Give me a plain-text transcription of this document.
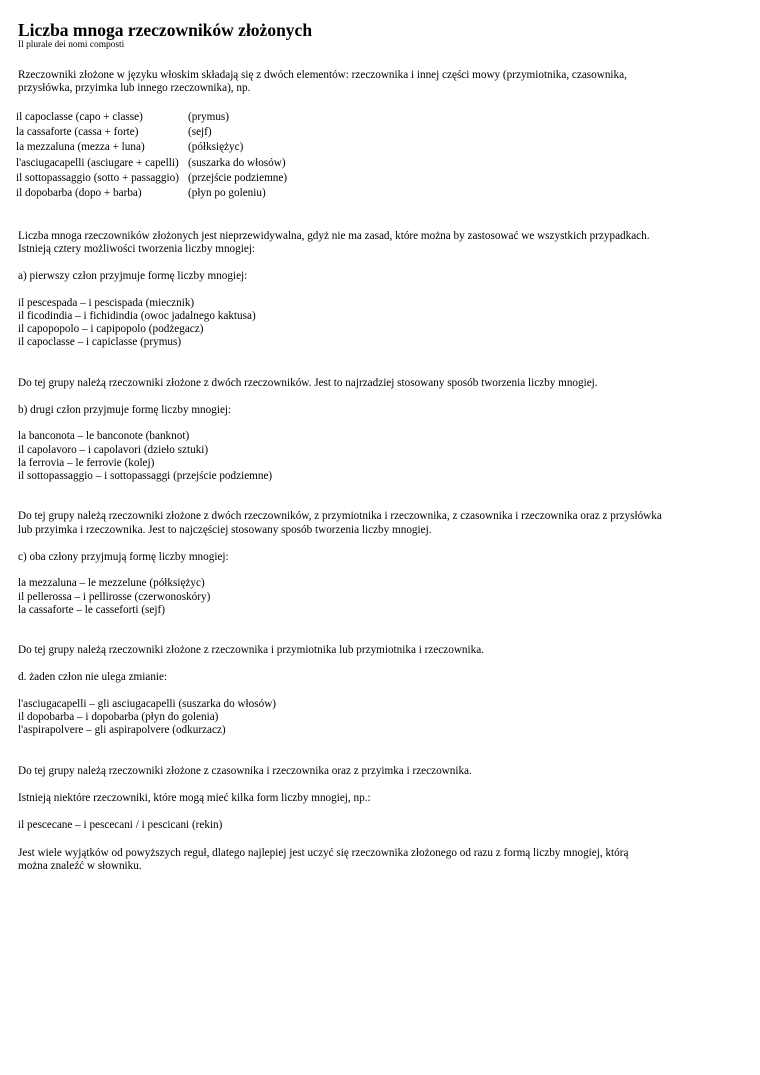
Liczba mnoga rzeczowników złożonych
Il plurale dei nomi composti

Rzeczowniki złożone w języku włoskim składają się z dwóch elementów: rzeczownika i innej części mowy (przymiotnika, czasownika, przysłówka, przyimka lub innego rzeczownika), np.

il capoclasse (capo + classe)	(prymus)
la cassaforte (cassa + forte)	(sejf)
la mezzaluna (mezza + luna)	(półksiężyc)
l'asciugacapelli (asciugare + capelli)	(suszarka do włosów)
il sottopassaggio (sotto + passaggio)	(przejście podziemne)
il dopobarba (dopo + barba)	(płyn po goleniu)

Liczba mnoga rzeczowników złożonych jest nieprzewidywalna, gdyż nie ma zasad, które można by zastosować we wszystkich przypadkach. Istnieją cztery możliwości tworzenia liczby mnogiej:

a) pierwszy człon przyjmuje formę liczby mnogiej:

il pescespada – i pescispada (miecznik)
il ficodindia – i fichidindia (owoc jadalnego kaktusa)
il capopopolo – i capipopolo (podżegacz)
il capoclasse – i capiclasse (prymus)

Do tej grupy należą rzeczowniki złożone z dwóch rzeczowników. Jest to najrzadziej stosowany sposób tworzenia liczby mnogiej.

b) drugi człon przyjmuje formę liczby mnogiej:

la banconota – le banconote (banknot)
il capolavoro – i capolavori (dzieło sztuki)
la ferrovia – le ferrovie (kolej)
il sottopassaggio – i sottopassaggi (przejście podziemne)

Do tej grupy należą rzeczowniki złożone z dwóch rzeczowników, z przymiotnika i rzeczownika, z czasownika i rzeczownika oraz z przysłówka lub przyimka i rzeczownika. Jest to najczęściej stosowany sposób tworzenia liczby mnogiej.

c) oba człony przyjmują formę liczby mnogiej:

la mezzaluna – le mezzelune (półksiężyc)
il pellerossa – i pellirosse (czerwonoskóry)
la cassaforte – le casseforti (sejf)

Do tej grupy należą rzeczowniki złożone z rzeczownika i przymiotnika lub przymiotnika i rzeczownika.

d. żaden człon nie ulega zmianie:

l'asciugacapelli – gli asciugacapelli (suszarka do włosów)
il dopobarba – i dopobarba (płyn do golenia)
l'aspirapolvere – gli aspirapolvere (odkurzacz)

Do tej grupy należą rzeczowniki złożone z czasownika i rzeczownika oraz z przyimka i rzeczownika.

Istnieją niektóre rzeczowniki, które mogą mieć kilka form liczby mnogiej, np.:

il pescecane – i pescecani / i pescicani (rekin)

Jest wiele wyjątków od powyższych reguł, dlatego najlepiej jest uczyć się rzeczownika złożonego od razu z formą liczby mnogiej, którą można znaleźć w słowniku.
